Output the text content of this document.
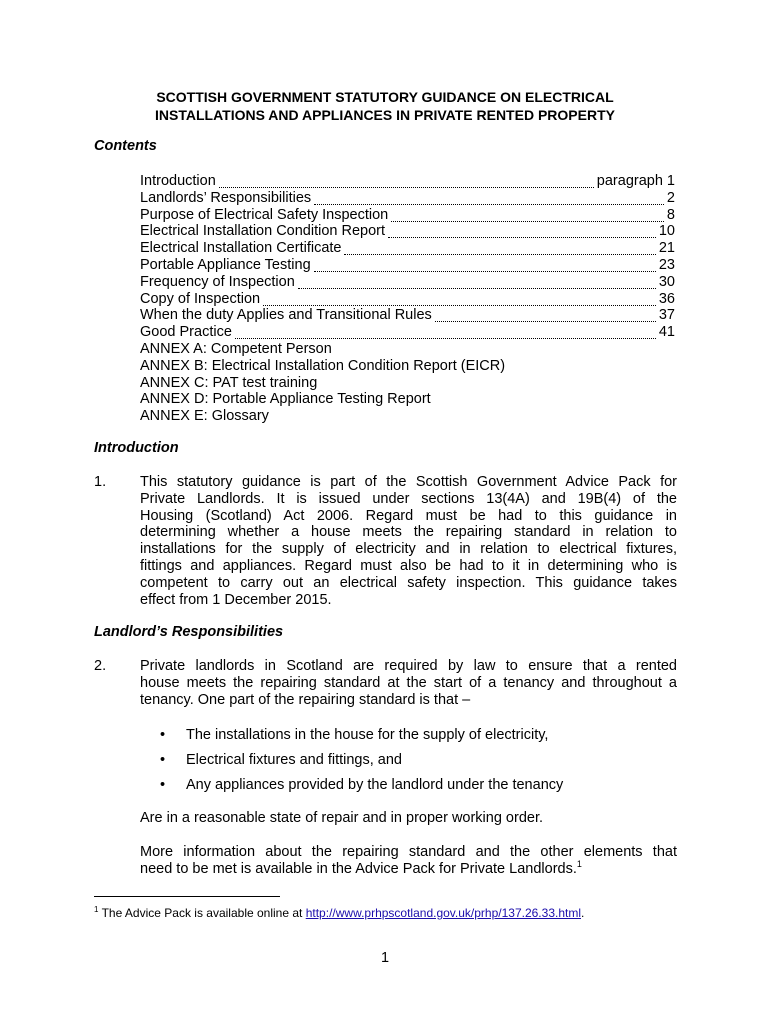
SCOTTISH GOVERNMENT STATUTORY GUIDANCE ON ELECTRICAL
INSTALLATIONS AND APPLIANCES IN PRIVATE RENTED PROPERTY
Contents
Introduction	paragraph 1
Landlords’ Responsibilities	2
Purpose of Electrical Safety Inspection	8
Electrical Installation Condition Report	10
Electrical Installation Certificate	21
Portable Appliance Testing	23
Frequency of Inspection	30
Copy of Inspection	36
When the duty Applies and Transitional Rules	37
Good Practice	41
ANNEX A: Competent Person
ANNEX B: Electrical Installation Condition Report (EICR)
ANNEX C: PAT test training
ANNEX D: Portable Appliance Testing Report
ANNEX E: Glossary
Introduction
1. This statutory guidance is part of the Scottish Government Advice Pack for
Private Landlords. It is issued under sections 13(4A) and 19B(4) of the
Housing (Scotland) Act 2006. Regard must be had to this guidance in
determining whether a house meets the repairing standard in relation to
installations for the supply of electricity and in relation to electrical fixtures,
fittings and appliances. Regard must also be had to it in determining who is
competent to carry out an electrical safety inspection. This guidance takes
effect from 1 December 2015.
Landlord’s Responsibilities
2. Private landlords in Scotland are required by law to ensure that a rented
house meets the repairing standard at the start of a tenancy and throughout a
tenancy. One part of the repairing standard is that –
• The installations in the house for the supply of electricity,
• Electrical fixtures and fittings, and
• Any appliances provided by the landlord under the tenancy
Are in a reasonable state of repair and in proper working order.
More information about the repairing standard and the other elements that
need to be met is available in the Advice Pack for Private Landlords.$^1$
$^1$ The Advice Pack is available online at http://www.prhpscotland.gov.uk/prhp/137.26.33.html.
1
